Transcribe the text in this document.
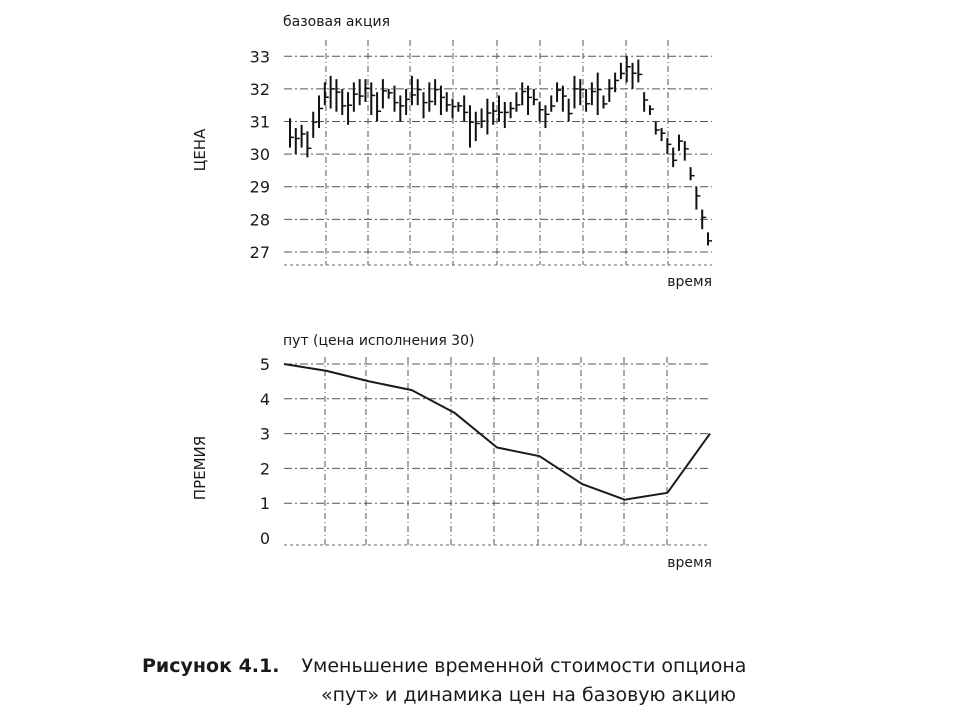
базовая акция
ЦЕНА
время
33
32
31
30
29
28
27
пут (цена исполнения 30)
ПРЕМИЯ
время
5
4
3
2
1
0
Рисунок 4.1. Уменьшение временной стоимости опциона
«пут» и динамика цен на базовую акцию
